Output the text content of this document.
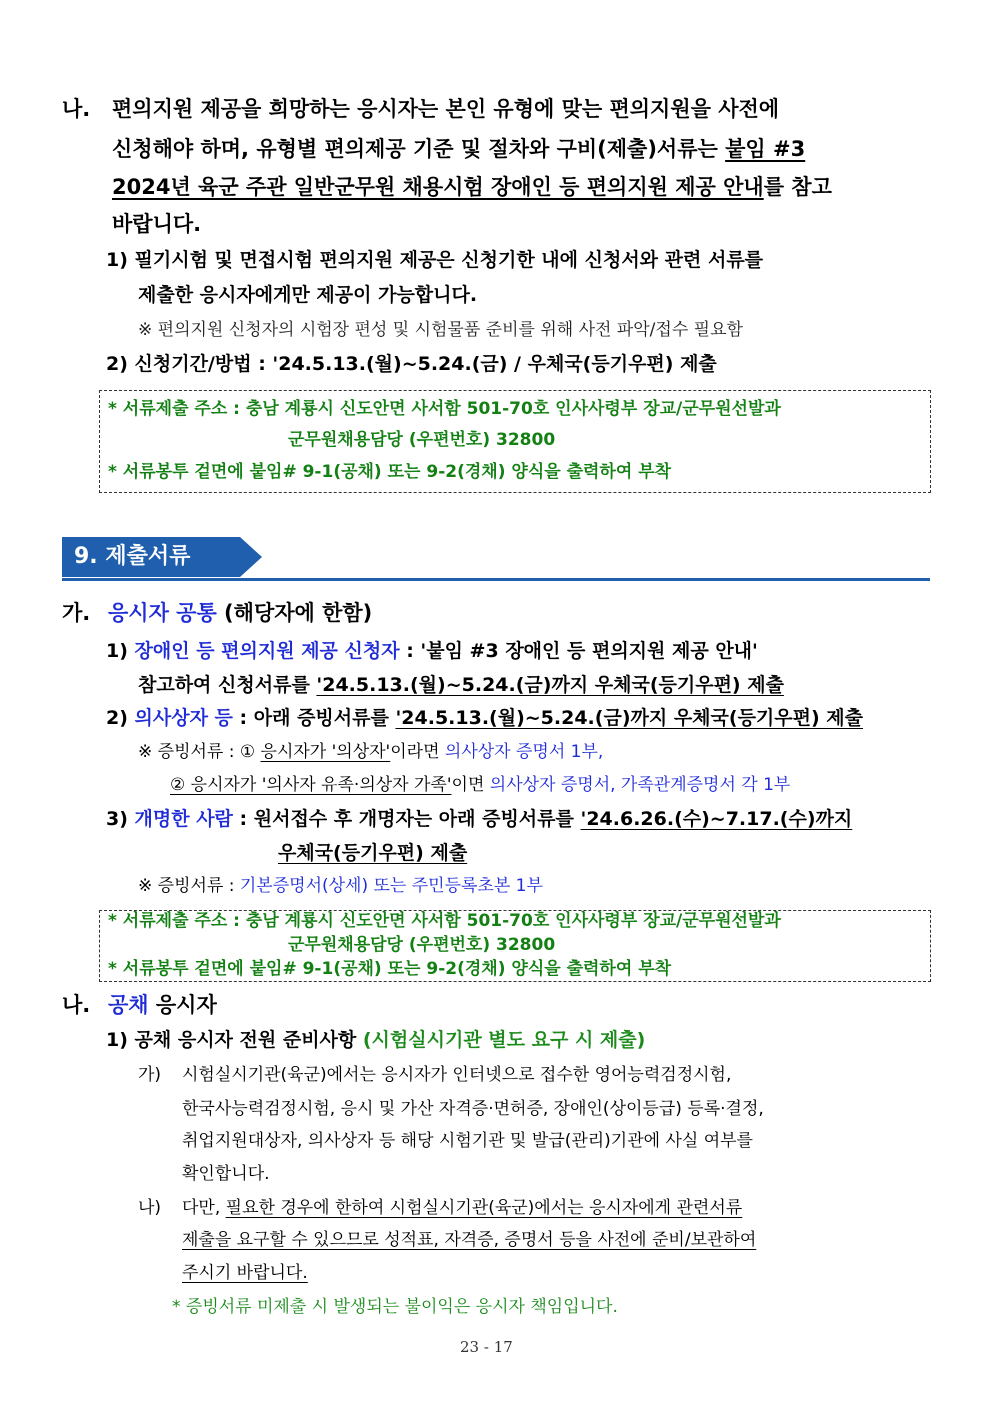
나. 편의지원 제공을 희망하는 응시자는 본인 유형에 맞는 편의지원을 사전에
신청해야 하며, 유형별 편의제공 기준 및 절차와 구비(제출)서류는 붙임 #3
2024년 육군 주관 일반군무원 채용시험 장애인 등 편의지원 제공 안내를 참고
바랍니다.
1) 필기시험 및 면접시험 편의지원 제공은 신청기한 내에 신청서와 관련 서류를
제출한 응시자에게만 제공이 가능합니다.
※ 편의지원 신청자의 시험장 편성 및 시험물품 준비를 위해 사전 파악/접수 필요함
2) 신청기간/방법 : '24.5.13.(월)~5.24.(금) / 우체국(등기우편) 제출
* 서류제출 주소 : 충남 계룡시 신도안면 사서함 501-70호 인사사령부 장교/군무원선발과
군무원채용담당 (우편번호) 32800
* 서류봉투 겉면에 붙임# 9-1(공채) 또는 9-2(경채) 양식을 출력하여 부착
9. 제출서류
가. 응시자 공통 (해당자에 한함)
1) 장애인 등 편의지원 제공 신청자 : '붙임 #3 장애인 등 편의지원 제공 안내'
참고하여 신청서류를 '24.5.13.(월)~5.24.(금)까지 우체국(등기우편) 제출
2) 의사상자 등 : 아래 증빙서류를 '24.5.13.(월)~5.24.(금)까지 우체국(등기우편) 제출
※ 증빙서류 : ① 응시자가 '의상자'이라면 의사상자 증명서 1부,
② 응시자가 '의사자 유족·의상자 가족'이면 의사상자 증명서, 가족관계증명서 각 1부
3) 개명한 사람 : 원서접수 후 개명자는 아래 증빙서류를 '24.6.26.(수)~7.17.(수)까지
우체국(등기우편) 제출
※ 증빙서류 : 기본증명서(상세) 또는 주민등록초본 1부
* 서류제출 주소 : 충남 계룡시 신도안면 사서함 501-70호 인사사령부 장교/군무원선발과
군무원채용담당 (우편번호) 32800
* 서류봉투 겉면에 붙임# 9-1(공채) 또는 9-2(경채) 양식을 출력하여 부착
나. 공채 응시자
1) 공채 응시자 전원 준비사항 (시험실시기관 별도 요구 시 제출)
가) 시험실시기관(육군)에서는 응시자가 인터넷으로 접수한 영어능력검정시험,
한국사능력검정시험, 응시 및 가산 자격증·면허증, 장애인(상이등급) 등록·결정,
취업지원대상자, 의사상자 등 해당 시험기관 및 발급(관리)기관에 사실 여부를
확인합니다.
나) 다만, 필요한 경우에 한하여 시험실시기관(육군)에서는 응시자에게 관련서류
제출을 요구할 수 있으므로 성적표, 자격증, 증명서 등을 사전에 준비/보관하여
주시기 바랍니다.
* 증빙서류 미제출 시 발생되는 불이익은 응시자 책임입니다.
23 - 17
